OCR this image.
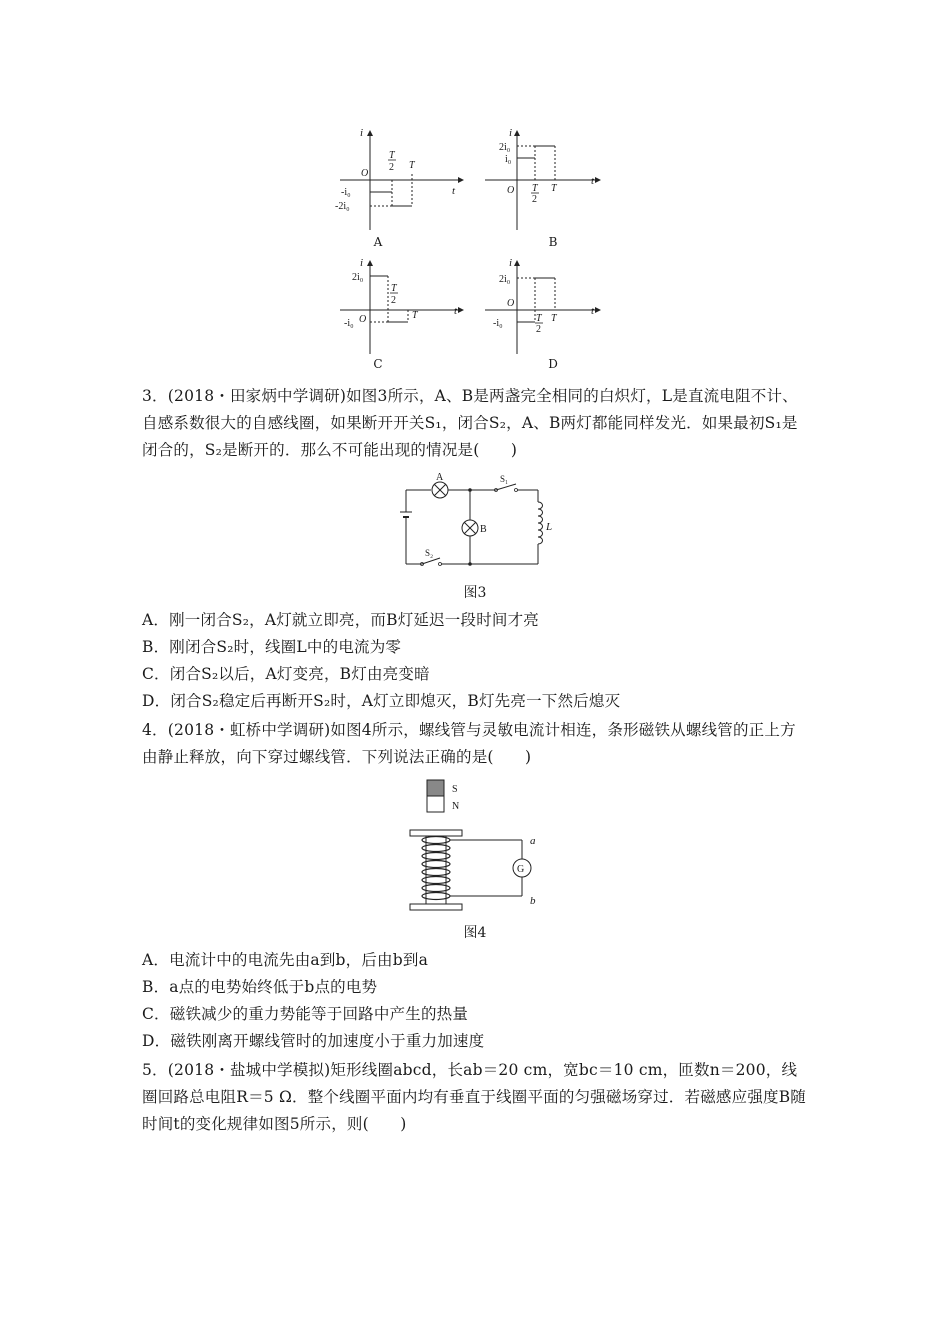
i
t
O
T
2 T
-i₀
-2i₀
A
i
t
O
2i₀
i₀
T
2
T
B
i
t
O
2i₀
-i₀
T
2
T
C
i
t
O
2i₀
-i₀	T
2
T
D
3．(2018・田家炳中学调研)如图3所示，A、B是两盏完全相同的白炽灯，L是直流电阻不计、自感系数很大的自感线圈，如果断开开关S₁，闭合S₂，A、B两灯都能同样发光．如果最初S₁是闭合的，S₂是断开的．那么不可能出现的情况是(　　)
A	S₁
L
B
S₂
图3
A．刚一闭合S₂，A灯就立即亮，而B灯延迟一段时间才亮
B．刚闭合S₂时，线圈L中的电流为零
C．闭合S₂以后，A灯变亮，B灯由亮变暗
D．闭合S₂稳定后再断开S₂时，A灯立即熄灭，B灯先亮一下然后熄灭
4．(2018・虹桥中学调研)如图4所示，螺线管与灵敏电流计相连，条形磁铁从螺线管的正上方由静止释放，向下穿过螺线管．下列说法正确的是(　　)
S
N
G
a
b
图4
A．电流计中的电流先由a到b，后由b到a
B．a点的电势始终低于b点的电势
C．磁铁减少的重力势能等于回路中产生的热量
D．磁铁刚离开螺线管时的加速度小于重力加速度
5．(2018・盐城中学模拟)矩形线圈abcd，长ab＝20 cm，宽bc＝10 cm，匝数n＝200，线圈回路总电阻R＝5 Ω．整个线圈平面内均有垂直于线圈平面的匀强磁场穿过．若磁感应强度B随时间t的变化规律如图5所示，则(　　)
